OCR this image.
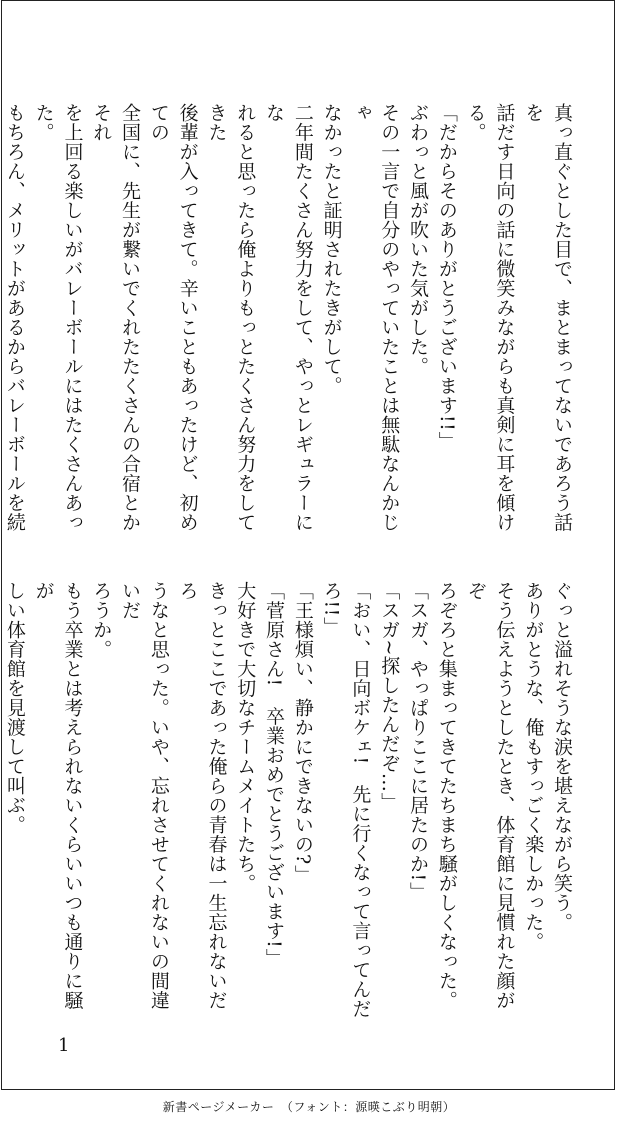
真っ直ぐとした目で、まとまってないであろう話を

話だす日向の話に微笑みながらも真剣に耳を傾ける。

「だからそのありがとうございます!!」

ぶわっと風が吹いた気がした。

その一言で自分のやっていたことは無駄なんかじゃ

なかったと証明されたきがして。

二年間たくさん努力をして、やっとレギュラーにな

れると思ったら俺よりもっとたくさん努力をしてきた

後輩が入ってきて。辛いこともあったけど、初めての

全国に、先生が繋いでくれたたくさんの合宿とかそれ

を上回る楽しいがバレーボールにはたくさんあった。

もちろん、メリットがあるからバレーボールを続

ぐっと溢れそうな涙を堪えながら笑う。

ありがとうな、俺もすっごく楽しかった。

そう伝えようとしたとき、体育館に見慣れた顔がぞ

ろぞろと集まってきてたちまち騒がしくなった。

「スガ、やっぱりここに居たのか!」

「スガ~探したんだぞ…」

「おい、日向ボケェ!　先に行くなって言ってんだ

ろ!!」

「王様煩い、静かにできないの?」

「菅原さん!　卒業おめでとうございます!」

大好きで大切なチームメイトたち。

きっとここであった俺らの青春は一生忘れないだろ

うなと思った。いや、忘れさせてくれないの間違いだ

ろうか。

もう卒業とは考えられないくらいいつも通りに騒が

しい体育館を見渡して叫ぶ。

1
新書ページメーカー　（フォント：源暎こぶり明朝）
